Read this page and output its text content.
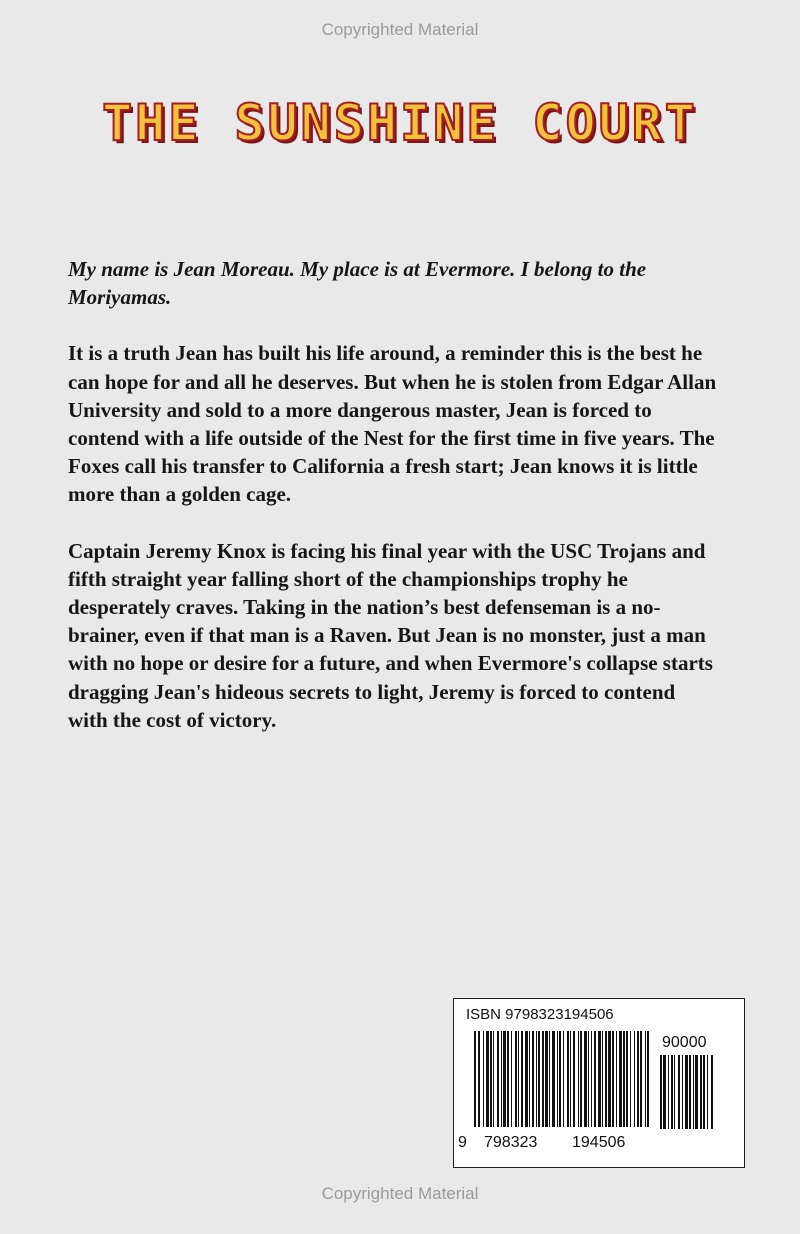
Copyrighted Material
THE SUNSHINE COURT

My name is Jean Moreau. My place is at Evermore. I belong to the Moriyamas.

It is a truth Jean has built his life around, a reminder this is the best he can hope for and all he deserves. But when he is stolen from Edgar Allan University and sold to a more dangerous master, Jean is forced to contend with a life outside of the Nest for the first time in five years. The Foxes call his transfer to California a fresh start; Jean knows it is little more than a golden cage.

Captain Jeremy Knox is facing his final year with the USC Trojans and fifth straight year falling short of the championships trophy he desperately craves. Taking in the nation’s best defenseman is a no-brainer, even if that man is a Raven. But Jean is no monster, just a man with no hope or desire for a future, and when Evermore's collapse starts dragging Jean's hideous secrets to light, Jeremy is forced to contend with the cost of victory.

ISBN 9798323194506
90000
9 798323 194506
Copyrighted Material
